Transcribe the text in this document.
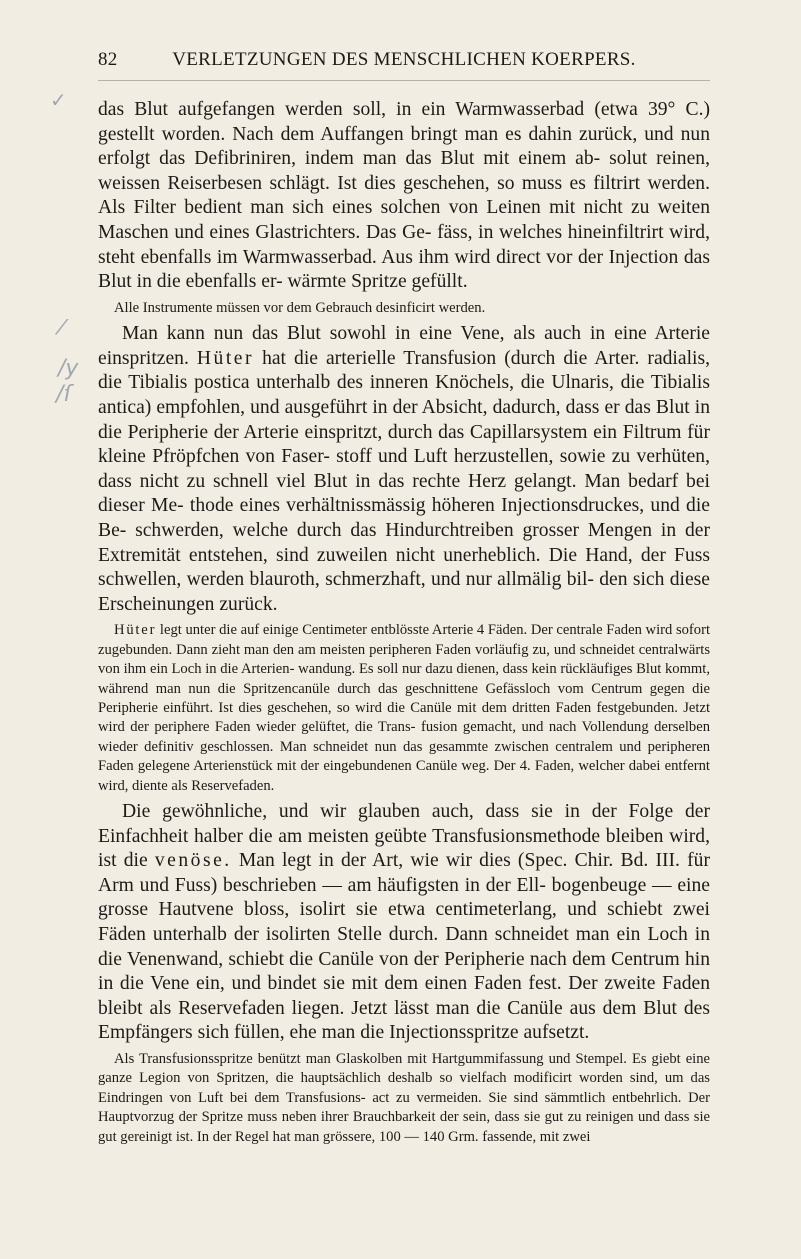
82	VERLETZUNGEN DES MENSCHLICHEN KOERPERS.
✓
⁄
/y
/ſ

das Blut aufgefangen werden soll, in ein Warmwasserbad (etwa 39° C.) gestellt worden. Nach dem Auffangen bringt man es dahin zurück, und nun erfolgt das Defibriniren, indem man das Blut mit einem ab- solut reinen, weissen Reiserbesen schlägt. Ist dies geschehen, so muss es filtrirt werden. Als Filter bedient man sich eines solchen von Leinen mit nicht zu weiten Maschen und eines Glastrichters. Das Ge- fäss, in welches hineinfiltrirt wird, steht ebenfalls im Warmwasserbad. Aus ihm wird direct vor der Injection das Blut in die ebenfalls er- wärmte Spritze gefüllt.

Alle Instrumente müssen vor dem Gebrauch desinficirt werden.

Man kann nun das Blut sowohl in eine Vene, als auch in eine Arterie einspritzen. Hüter hat die arterielle Transfusion (durch die Arter. radialis, die Tibialis postica unterhalb des inneren Knöchels, die Ulnaris, die Tibialis antica) empfohlen, und ausgeführt in der Absicht, dadurch, dass er das Blut in die Peripherie der Arterie einspritzt, durch das Capillarsystem ein Filtrum für kleine Pfröpfchen von Faser- stoff und Luft herzustellen, sowie zu verhüten, dass nicht zu schnell viel Blut in das rechte Herz gelangt. Man bedarf bei dieser Me- thode eines verhältnissmässig höheren Injectionsdruckes, und die Be- schwerden, welche durch das Hindurchtreiben grosser Mengen in der Extremität entstehen, sind zuweilen nicht unerheblich. Die Hand, der Fuss schwellen, werden blauroth, schmerzhaft, und nur allmälig bil- den sich diese Erscheinungen zurück.

Hüter legt unter die auf einige Centimeter entblösste Arterie 4 Fäden. Der centrale Faden wird sofort zugebunden. Dann zieht man den am meisten peripheren Faden vorläufig zu, und schneidet centralwärts von ihm ein Loch in die Arterien- wandung. Es soll nur dazu dienen, dass kein rückläufiges Blut kommt, während man nun die Spritzencanüle durch das geschnittene Gefässloch vom Centrum gegen die Peripherie einführt. Ist dies geschehen, so wird die Canüle mit dem dritten Faden festgebunden. Jetzt wird der periphere Faden wieder gelüftet, die Trans- fusion gemacht, und nach Vollendung derselben wieder definitiv geschlossen. Man schneidet nun das gesammte zwischen centralem und peripheren Faden gelegene Arterienstück mit der eingebundenen Canüle weg. Der 4. Faden, welcher dabei entfernt wird, diente als Reservefaden.

Die gewöhnliche, und wir glauben auch, dass sie in der Folge der Einfachheit halber die am meisten geübte Transfusionsmethode bleiben wird, ist die venöse. Man legt in der Art, wie wir dies (Spec. Chir. Bd. III. für Arm und Fuss) beschrieben — am häufigsten in der Ell- bogenbeuge — eine grosse Hautvene bloss, isolirt sie etwa centimeterlang, und schiebt zwei Fäden unterhalb der isolirten Stelle durch. Dann schneidet man ein Loch in die Venenwand, schiebt die Canüle von der Peripherie nach dem Centrum hin in die Vene ein, und bindet sie mit dem einen Faden fest. Der zweite Faden bleibt als Reservefaden liegen. Jetzt lässt man die Canüle aus dem Blut des Empfängers sich füllen, ehe man die Injectionsspritze aufsetzt.

Als Transfusionsspritze benützt man Glaskolben mit Hartgummifassung und Stempel. Es giebt eine ganze Legion von Spritzen, die hauptsächlich deshalb so vielfach modificirt worden sind, um das Eindringen von Luft bei dem Transfusions- act zu vermeiden. Sie sind sämmtlich entbehrlich. Der Hauptvorzug der Spritze muss neben ihrer Brauchbarkeit der sein, dass sie gut zu reinigen und dass sie gut gereinigt ist. In der Regel hat man grössere, 100 — 140 Grm. fassende, mit zwei
